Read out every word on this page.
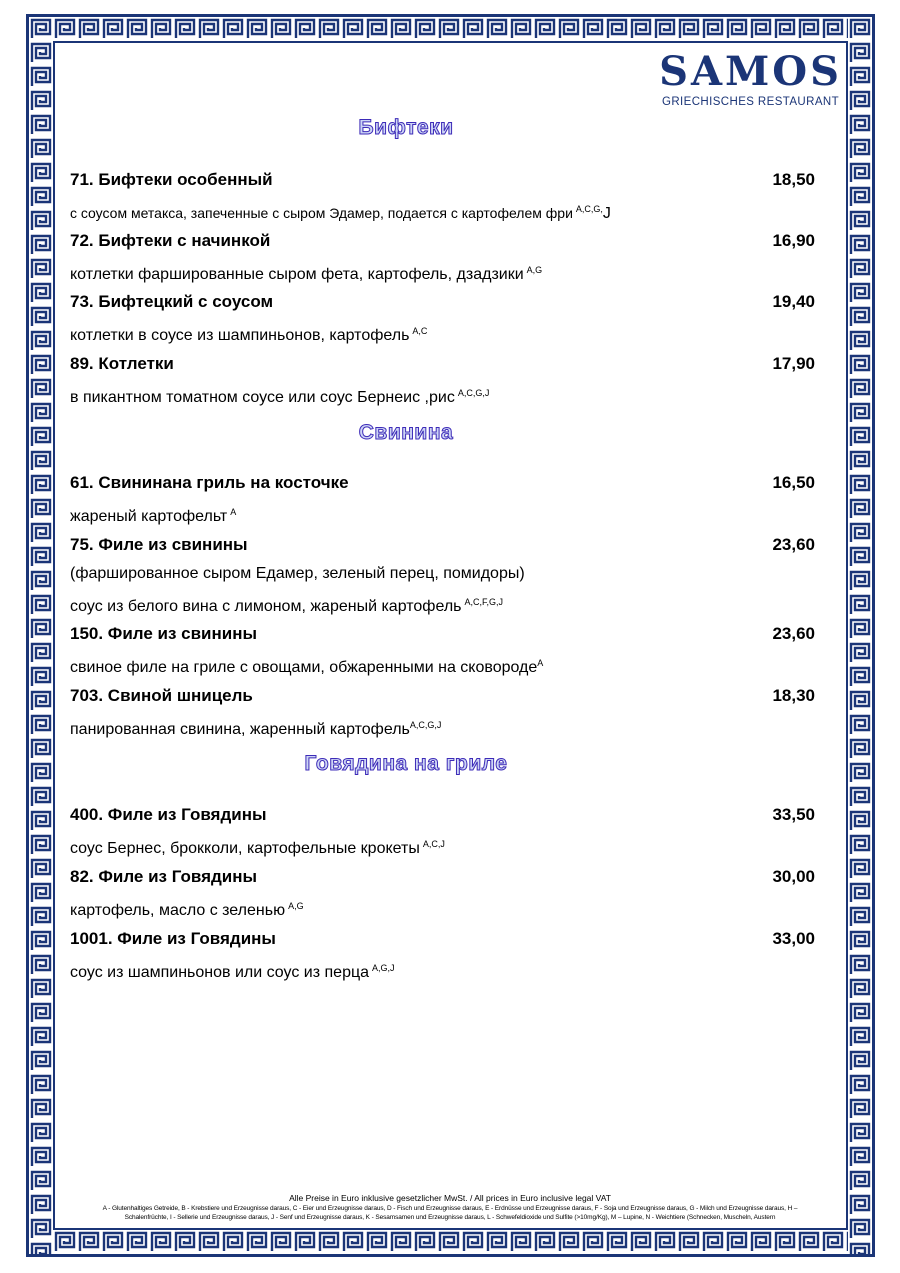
SAMOS
GRIECHISCHES RESTAURANT
Бифтеки
71. Бифтеки особенный	18,50
с соусом метакса, запеченные с сыром Эдамер, подается с картофелем фри $^{A,C,G,}$J
72. Бифтеки с начинкой	16,90
котлетки фаршированные сыром фета, картофель, дзадзики $^{A,G}$
73. Бифтецкий с соусом	19,40
котлетки в соусе из шампиньонов, картофель $^{A,C}$
89. Котлетки	17,90
в пикантном томатном соусе или соус Бернеис ,рис $^{A,C,G,J}$
Свинина
61. Свининана гриль на косточке	16,50
жареный картофельт $^A$
75. Филе из свинины	23,60
(фаршированное сыром Едамер, зеленый перец, помидоры)
соус из белого вина с лимоном, жареный картофель $^{A,C,F,G,J}$
150. Филе из свинины	23,60
свиное филе на гриле с овощами, обжаренными на сковороде$^A$
703. Свиной шницель	18,30
панированная свинина, жаренный картофель$^{A,C,G,J}$
Говядина на гриле
400. Филе из Говядины	33,50
соус Бернес, брокколи, картофельные крокеты $^{A,C,J}$
82. Филе из Говядины	30,00
картофель, масло с зеленью $^{A,G}$
1001. Филе из Говядины	33,00
соус из шампиньонов или соус из перца $^{A,G,J}$
Alle Preise in Euro inklusive gesetzlicher MwSt. / All prices in Euro inclusive legal VAT
A - Glutenhaltiges Getreide, B - Krebstiere und Erzeugnisse daraus, C - Eier und Erzeugnisse daraus, D - Fisch und Erzeugnisse daraus, E - Erdnüsse und Erzeugnisse daraus, F - Soja und Erzeugnisse daraus, G - Milch und Erzeugnisse daraus, H –
Schalenfrüchte, I - Sellerie und Erzeugnisse daraus, J - Senf und Erzeugnisse daraus, K - Sesamsamen und Erzeugnisse daraus, L - Schwefeldioxide und Sulfite (>10mg/Kg), M – Lupine, N - Weichtiere (Schnecken, Muscheln, Austern
